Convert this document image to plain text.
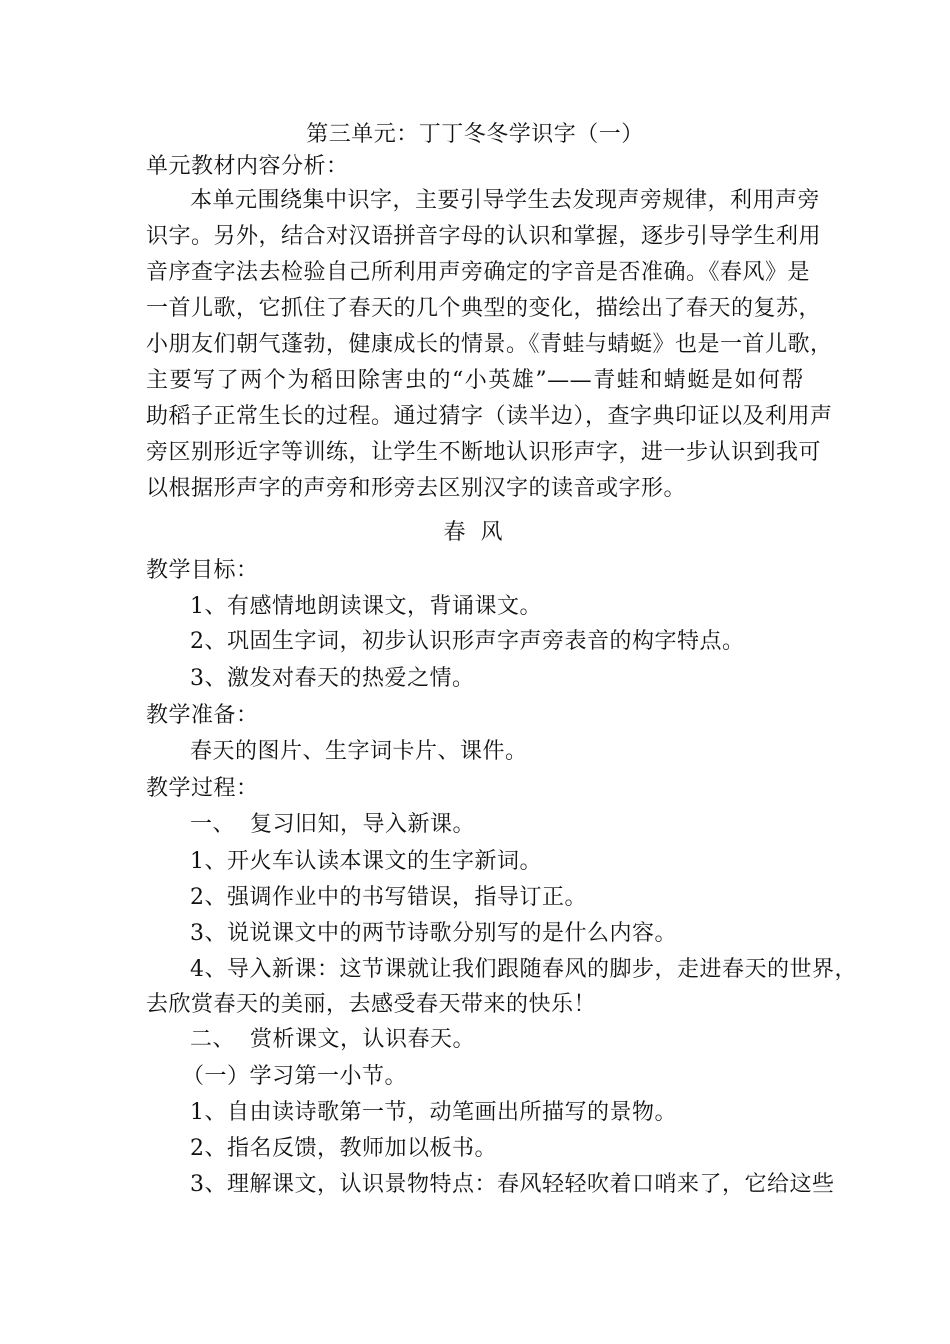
第三单元：丁丁冬冬学识字（一）
单元教材内容分析：
本单元围绕集中识字，主要引导学生去发现声旁规律，利用声旁
识字。另外，结合对汉语拼音字母的认识和掌握，逐步引导学生利用
音序查字法去检验自己所利用声旁确定的字音是否准确。《春风》是
一首儿歌，它抓住了春天的几个典型的变化，描绘出了春天的复苏，
小朋友们朝气蓬勃，健康成长的情景。《青蛙与蜻蜓》也是一首儿歌，
主要写了两个为稻田除害虫的“小英雄”——青蛙和蜻蜓是如何帮
助稻子正常生长的过程。通过猜字（读半边），查字典印证以及利用声
旁区别形近字等训练，让学生不断地认识形声字，进一步认识到我可
以根据形声字的声旁和形旁去区别汉字的读音或字形。
春 风
教学目标：
1、有感情地朗读课文，背诵课文。
2、巩固生字词，初步认识形声字声旁表音的构字特点。
3、激发对春天的热爱之情。
教学准备：
春天的图片、生字词卡片、课件。
教学过程：
一、  复习旧知，导入新课。
1、开火车认读本课文的生字新词。
2、强调作业中的书写错误，指导订正。
3、说说课文中的两节诗歌分别写的是什么内容。
4、导入新课：这节课就让我们跟随春风的脚步，走进春天的世界，
去欣赏春天的美丽，去感受春天带来的快乐！
二、  赏析课文，认识春天。
（一）学习第一小节。
1、自由读诗歌第一节，动笔画出所描写的景物。
2、指名反馈，教师加以板书。
3、理解课文，认识景物特点：春风轻轻吹着口哨来了，它给这些
